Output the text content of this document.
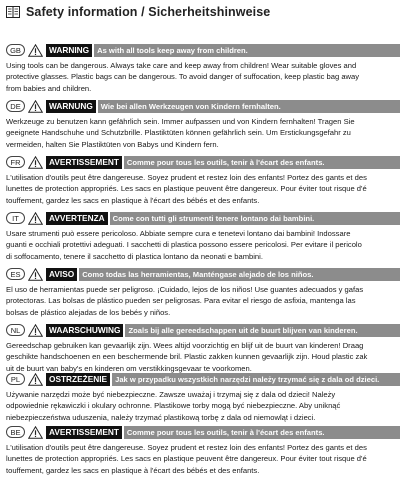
Safety information / Sicherheitshinweise
GB	WARNING	As with all tools keep away from children.
Using tools can be dangerous. Always take care and keep away from children! Wear suitable gloves and
protective glasses. Plastic bags can be dangerous. To avoid danger of suffocation, keep plastic bag away
from babies and children.
DE	WARNUNG	Wie bei allen Werkzeugen von Kindern fernhalten.
Werkzeuge zu benutzen kann gefährlich sein. Immer aufpassen und von Kindern fernhalten! Tragen Sie
geeignete Handschuhe und Schutzbrille. Plastiktüten können gefährlich sein. Um Erstickungsgefahr zu
vermeiden, halten Sie Plastiktüten von Babys und Kindern fern.
FR	AVERTISSEMENT	Comme pour tous les outils, tenir à l'écart des enfants.
L'utilisation d'outils peut être dangereuse. Soyez prudent et restez loin des enfants! Portez des gants et des
lunettes de protection appropriés. Les sacs en plastique peuvent être dangereux. Pour éviter tout risque d'é
touffement, gardez les sacs en plastique à l'écart des bébés et des enfants.
IT	AVVERTENZA	Come con tutti gli strumenti tenere lontano dai bambini.
Usare strumenti può essere pericoloso. Abbiate sempre cura e tenetevi lontano dai bambini! Indossare
guanti e occhiali protettivi adeguati. I sacchetti di plastica possono essere pericolosi. Per evitare il pericolo
di soffocamento, tenere il sacchetto di plastica lontano da neonati e bambini.
ES	AVISO	Como todas las herramientas, Manténgase alejado de los niños.
El uso de herramientas puede ser peligroso. ¡Cuidado, lejos de los niños! Use guantes adecuados y gafas
protectoras. Las bolsas de plástico pueden ser peligrosas. Para evitar el riesgo de asfixia, mantenga las
bolsas de plástico alejadas de los bebés y niños.
NL	WAARSCHUWING	Zoals bij alle gereedschappen uit de buurt blijven van kinderen.
Gereedschap gebruiken kan gevaarlijk zijn. Wees altijd voorzichtig en blijf uit de buurt van kinderen! Draag
geschikte handschoenen en een beschermende bril. Plastic zakken kunnen gevaarlijk zijn. Houd plastic zak
uit de buurt van baby's en kinderen om verstikkingsgevaar te voorkomen.
PL	OSTRZEŻENIE	Jak w przypadku wszystkich narzędzi należy trzymać się z dala od dzieci.
Używanie narzędzi może być niebezpieczne. Zawsze uważaj i trzymaj się z dala od dzieci! Należy
odpowiednie rękawiczki i okulary ochronne. Plastikowe torby mogą być niebezpieczne. Aby uniknąć
niebezpieczeństwa uduszenia, należy trzymać plastikową torbę z dala od niemowląt i dzieci.
BE	AVERTISSEMENT	Comme pour tous les outils, tenir à l'écart des enfants.
L'utilisation d'outils peut être dangereuse. Soyez prudent et restez loin des enfants! Portez des gants et des
lunettes de protection appropriés. Les sacs en plastique peuvent être dangereux. Pour éviter tout risque d'é
touffement, gardez les sacs en plastique à l'écart des bébés et des enfants.
